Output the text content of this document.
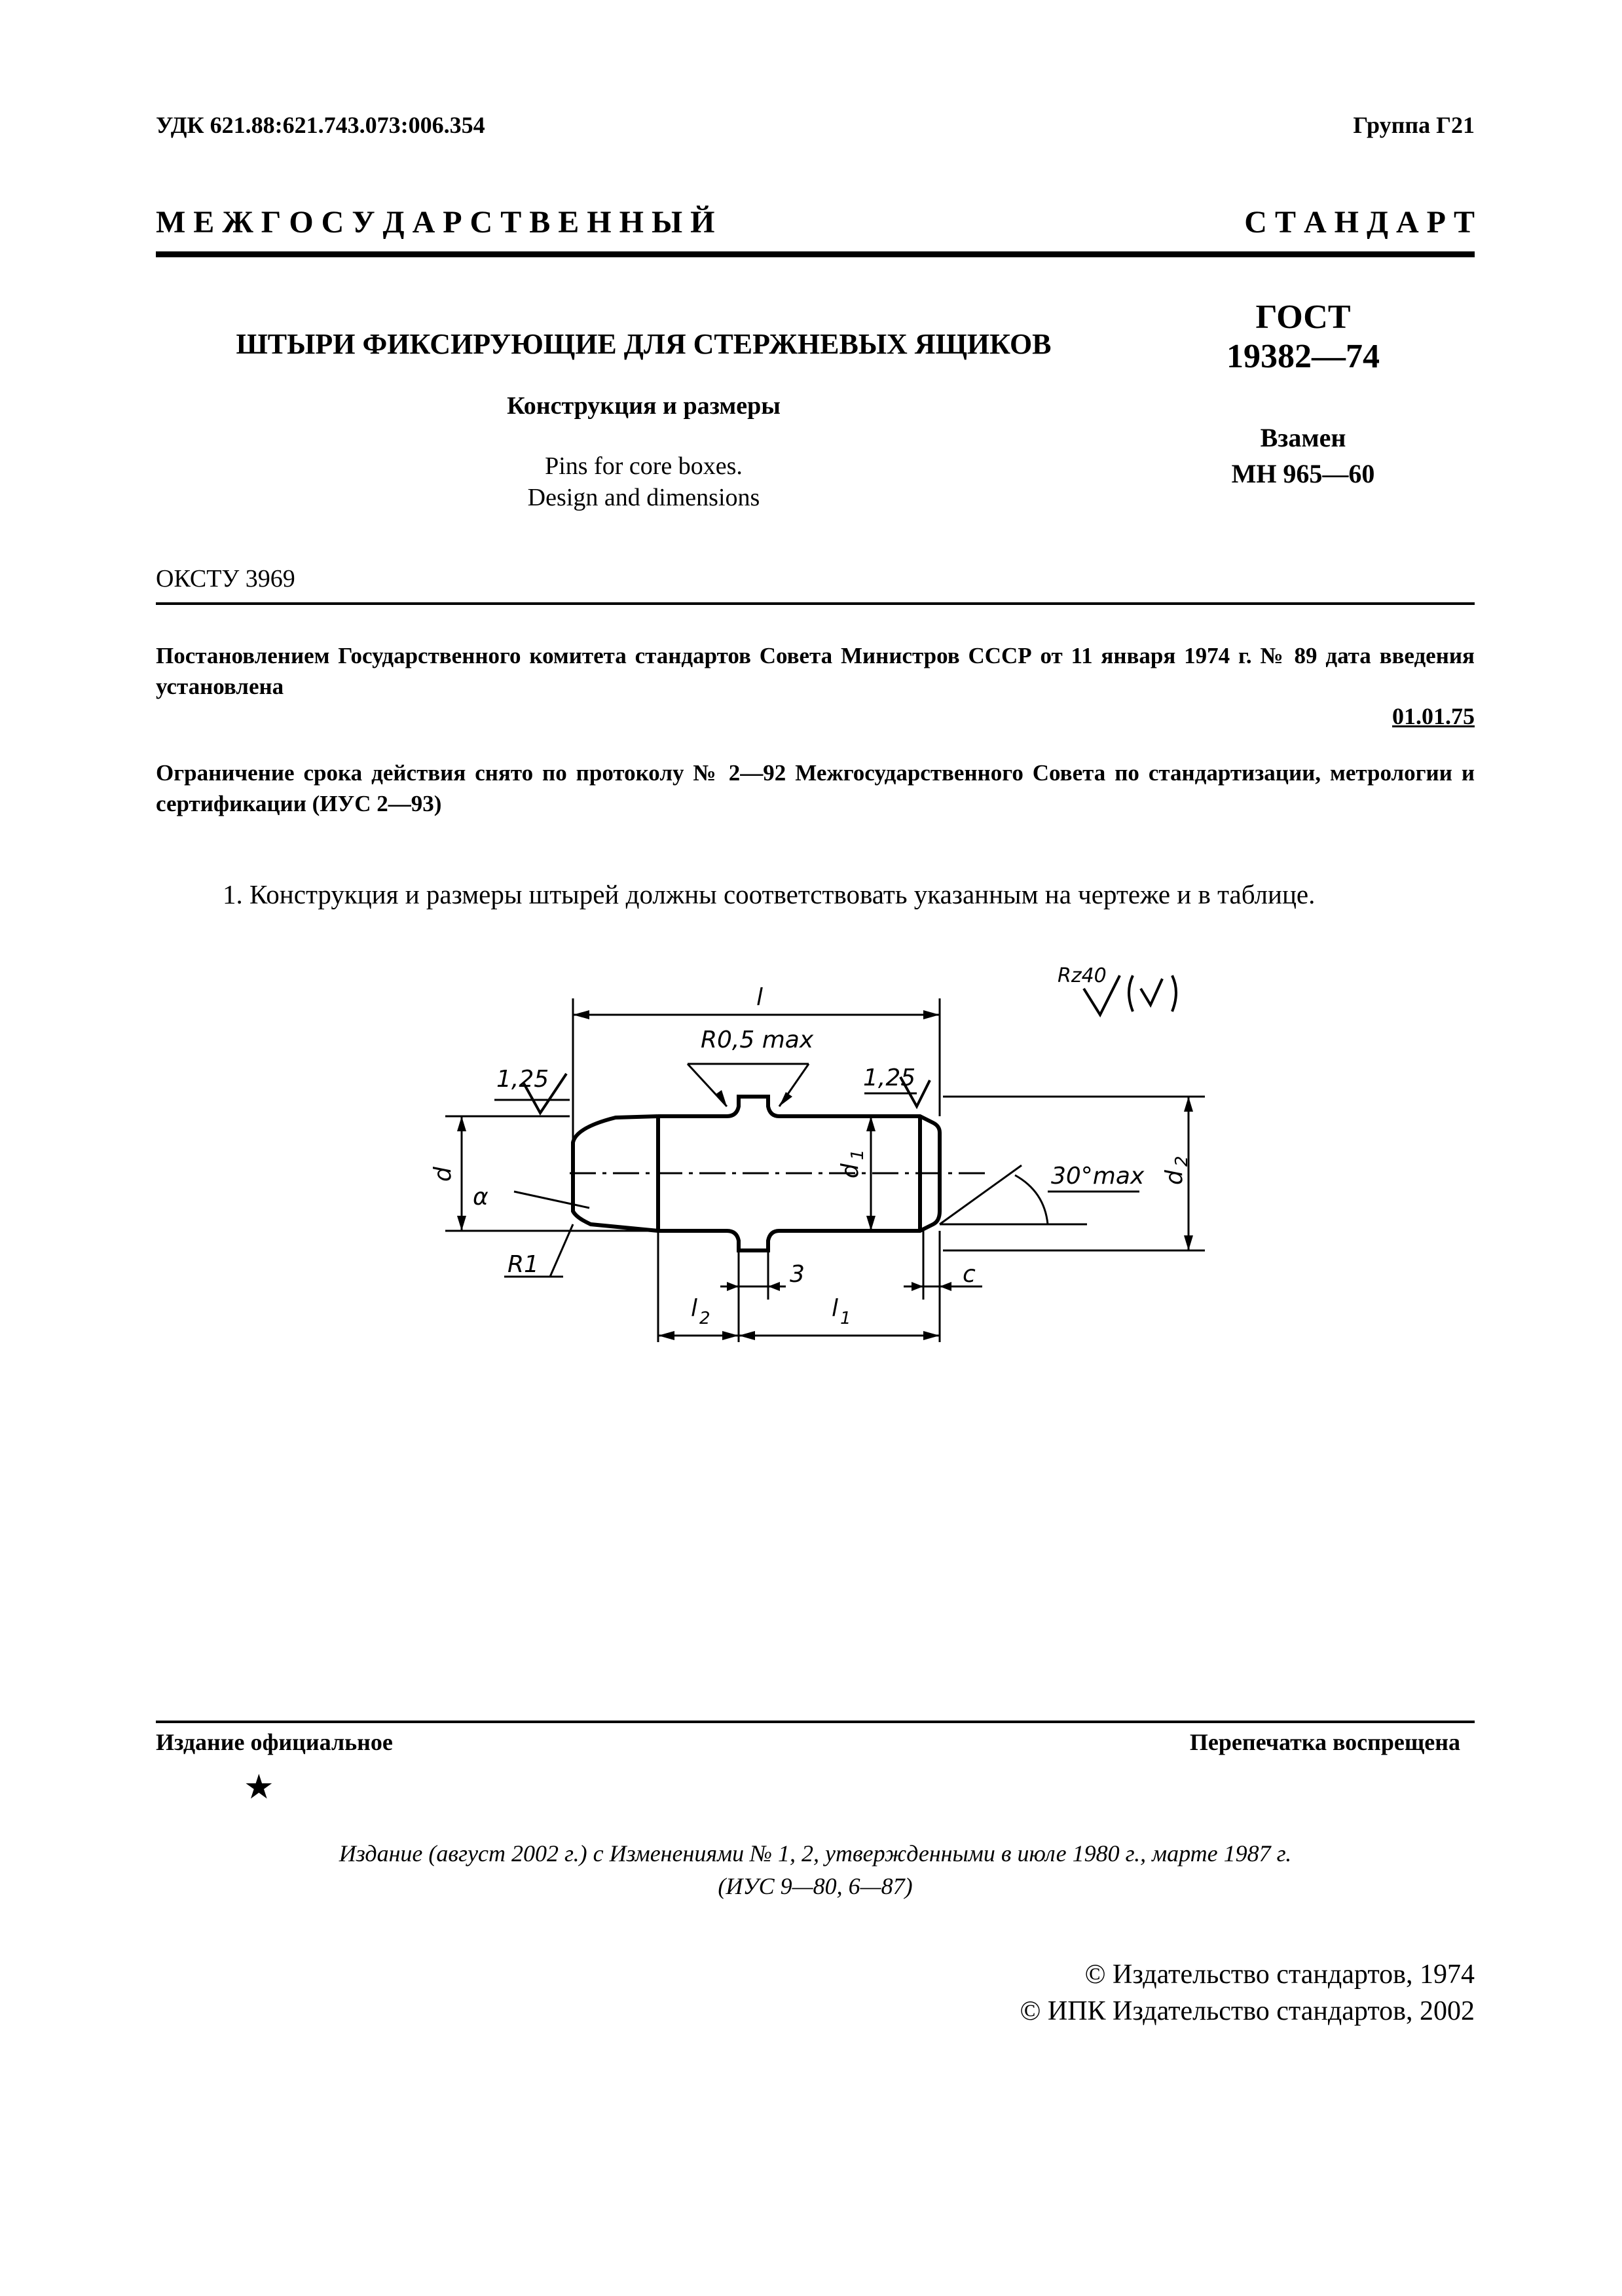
УДК 621.88:621.743.073:006.354	Группа Г21
М Е Ж Г О С У Д А Р С Т В Е Н Н Ы Й	С Т А Н Д А Р Т
ШТЫРИ ФИКСИРУЮЩИЕ ДЛЯ СТЕРЖНЕВЫХ ЯЩИКОВ
Конструкция и размеры
Pins for core boxes.
Design and dimensions
ГОСТ
19382—74
Взамен
МН 965—60
ОКСТУ 3969
Постановлением Государственного комитета стандартов Совета Министров СССР от 11 января 1974 г. № 89 дата введения установлена
01.01.75
Ограничение срока действия снято по протоколу № 2—92 Межгосударственного Совета по стандартизации, метрологии и сертификации (ИУС 2—93)
1. Конструкция и размеры штырей должны соответствовать указанным на чертеже и в таблице.
l
R0,5 max
1,25	1,25
Rz40
d	d
1
d
2
α
R1	3	c
l 2	l 1
30°max
Издание официальное	Перепечатка воспрещена
★
Издание (август 2002 г.) с Изменениями № 1, 2, утвержденными в июле 1980 г., марте 1987 г.
(ИУС 9—80, 6—87)
© Издательство стандартов, 1974
© ИПК Издательство стандартов, 2002
